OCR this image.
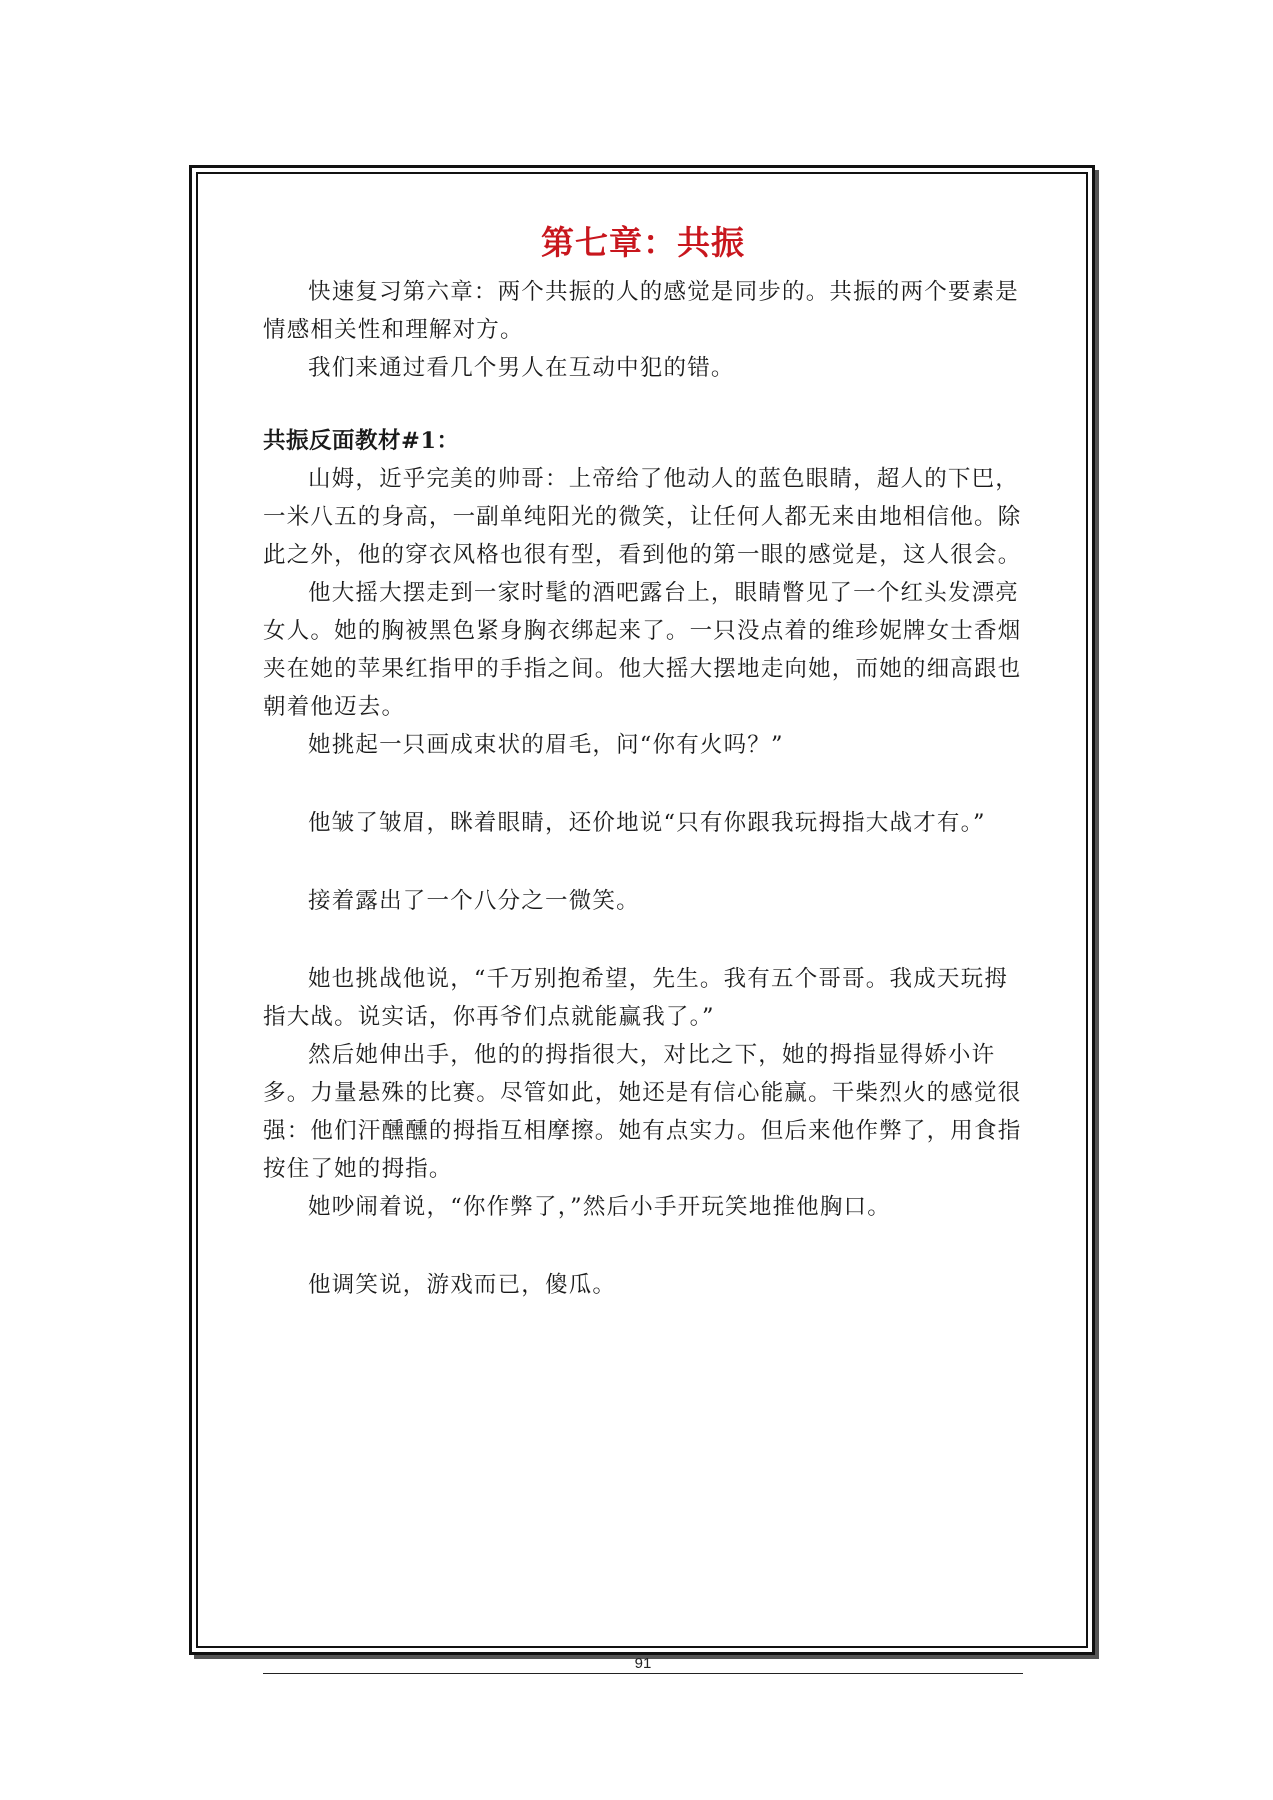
第七章：共振

快速复习第六章：两个共振的人的感觉是同步的。共振的两个要素是情感相关性和理解对方。

我们来通过看几个男人在互动中犯的错。

共振反面教材#1：

山姆，近乎完美的帅哥：上帝给了他动人的蓝色眼睛，超人的下巴，一米八五的身高，一副单纯阳光的微笑，让任何人都无来由地相信他。除此之外，他的穿衣风格也很有型，看到他的第一眼的感觉是，这人很会。

他大摇大摆走到一家时髦的酒吧露台上，眼睛瞥见了一个红头发漂亮女人。她的胸被黑色紧身胸衣绑起来了。一只没点着的维珍妮牌女士香烟夹在她的苹果红指甲的手指之间。他大摇大摆地走向她，而她的细高跟也朝着他迈去。

她挑起一只画成束状的眉毛，问“你有火吗？”

他皱了皱眉，眯着眼睛，还价地说“只有你跟我玩拇指大战才有。”

接着露出了一个八分之一微笑。

她也挑战他说，“千万别抱希望，先生。我有五个哥哥。我成天玩拇指大战。说实话，你再爷们点就能赢我了。”

然后她伸出手，他的的拇指很大，对比之下，她的拇指显得娇小许多。力量悬殊的比赛。尽管如此，她还是有信心能赢。干柴烈火的感觉很强：他们汗醺醺的拇指互相摩擦。她有点实力。但后来他作弊了，用食指按住了她的拇指。

她吵闹着说，“你作弊了，”然后小手开玩笑地推他胸口。

他调笑说，游戏而已，傻瓜。

91
